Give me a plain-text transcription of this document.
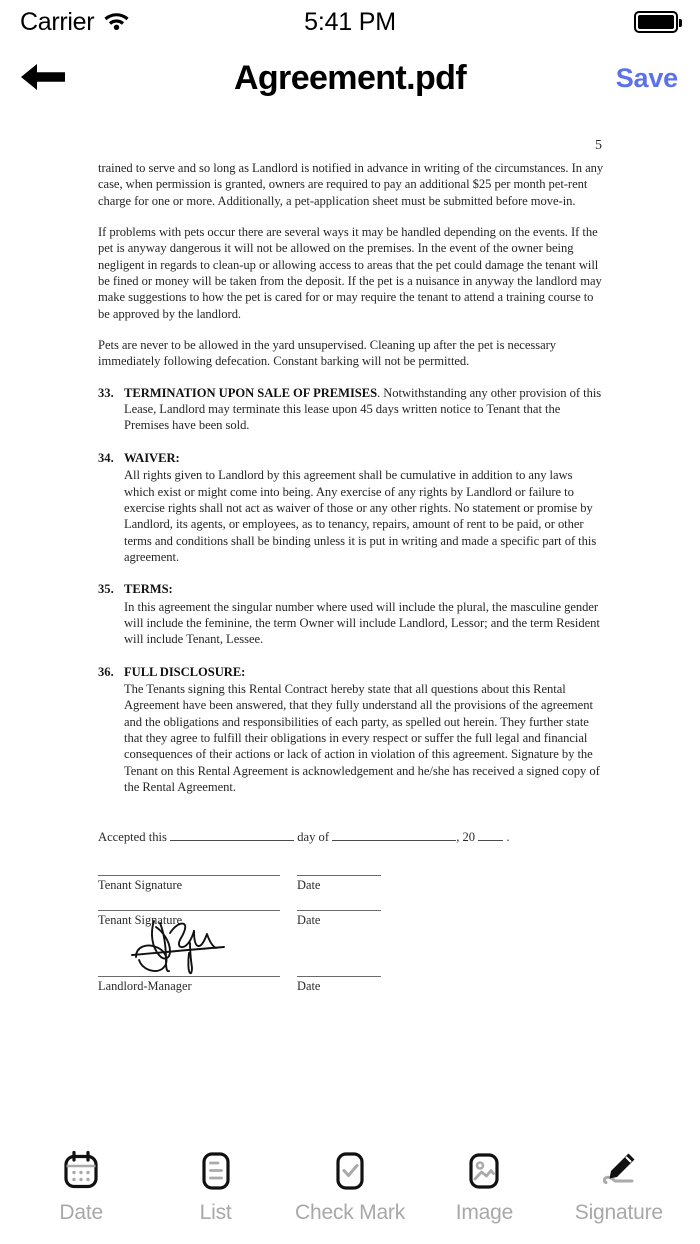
Carrier	5:41 PM
Agreement.pdf	Save
5

trained to serve and so long as Landlord is notified in advance in writing of the circumstances. In any case, when permission is granted, owners are required to pay an additional $25 per month pet-rent charge for one or more. Additionally, a pet-application sheet must be submitted before move-in.

If problems with pets occur there are several ways it may be handled depending on the events. If the pet is anyway dangerous it will not be allowed on the premises. In the event of the owner being negligent in regards to clean-up or allowing access to areas that the pet could damage the tenant will be fined or money will be taken from the deposit. If the pet is a nuisance in anyway the landlord may make suggestions to how the pet is cared for or may require the tenant to attend a training course to be approved by the landlord.

Pets are never to be allowed in the yard unsupervised. Cleaning up after the pet is necessary immediately following defecation. Constant barking will not be permitted.

33. TERMINATION UPON SALE OF PREMISES. Notwithstanding any other provision of this Lease, Landlord may terminate this lease upon 45 days written notice to Tenant that the Premises have been sold.
34. WAIVER:
All rights given to Landlord by this agreement shall be cumulative in addition to any laws which exist or might come into being. Any exercise of any rights by Landlord or failure to exercise rights shall not act as waiver of those or any other rights. No statement or promise by Landlord, its agents, or employees, as to tenancy, repairs, amount of rent to be paid, or other terms and conditions shall be binding unless it is put in writing and made a specific part of this agreement.
35. TERMS:
In this agreement the singular number where used will include the plural, the masculine gender will include the feminine, the term Owner will include Landlord, Lessor; and the term Resident will include Tenant, Lessee.
36. FULL DISCLOSURE:
The Tenants signing this Rental Contract hereby state that all questions about this Rental Agreement have been answered, that they fully understand all the provisions of the agreement and the obligations and responsibilities of each party, as spelled out herein. They further state that they agree to fulfill their obligations in every respect or suffer the full legal and financial consequences of their actions or lack of action in violation of this agreement. Signature by the Tenant on this Rental Agreement is acknowledgement and he/she has received a signed copy of the Rental Agreement.
Accepted this	day of	, 20 .
Tenant Signature	Date
Tenant Signature	Date
Landlord-Manager	Date
Date	List	Check Mark Image	Signature
